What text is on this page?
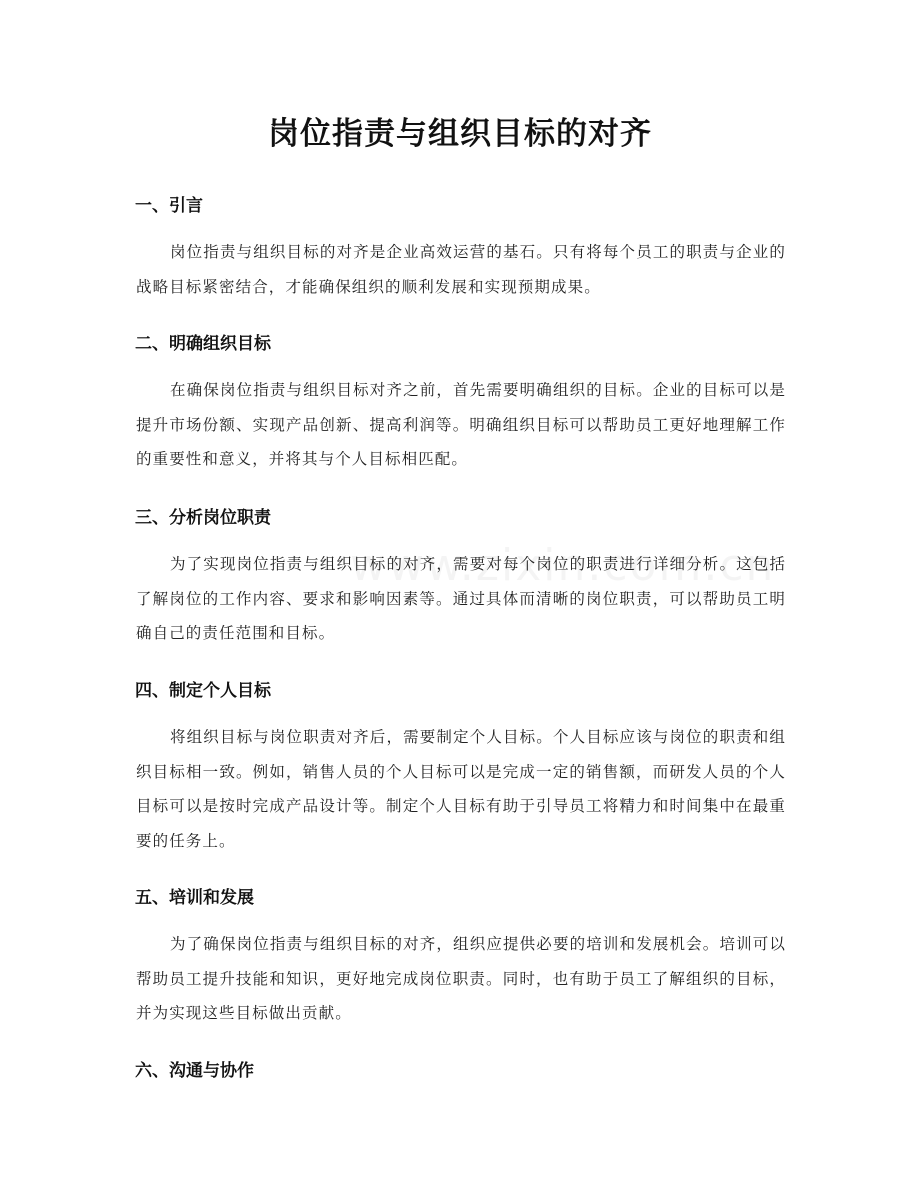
岗位指责与组织目标的对齐
一、引言

岗位指责与组织目标的对齐是企业高效运营的基石。只有将每个员工的职责与企业的战略目标紧密结合，才能确保组织的顺利发展和实现预期成果。

二、明确组织目标

在确保岗位指责与组织目标对齐之前，首先需要明确组织的目标。企业的目标可以是提升市场份额、实现产品创新、提高利润等。明确组织目标可以帮助员工更好地理解工作的重要性和意义，并将其与个人目标相匹配。

三、分析岗位职责

为了实现岗位指责与组织目标的对齐，需要对每个岗位的职责进行详细分析。这包括了解岗位的工作内容、要求和影响因素等。通过具体而清晰的岗位职责，可以帮助员工明确自己的责任范围和目标。

四、制定个人目标

将组织目标与岗位职责对齐后，需要制定个人目标。个人目标应该与岗位的职责和组织目标相一致。例如，销售人员的个人目标可以是完成一定的销售额，而研发人员的个人目标可以是按时完成产品设计等。制定个人目标有助于引导员工将精力和时间集中在最重要的任务上。

五、培训和发展

为了确保岗位指责与组织目标的对齐，组织应提供必要的培训和发展机会。培训可以帮助员工提升技能和知识，更好地完成岗位职责。同时，也有助于员工了解组织的目标，并为实现这些目标做出贡献。

六、沟通与协作
